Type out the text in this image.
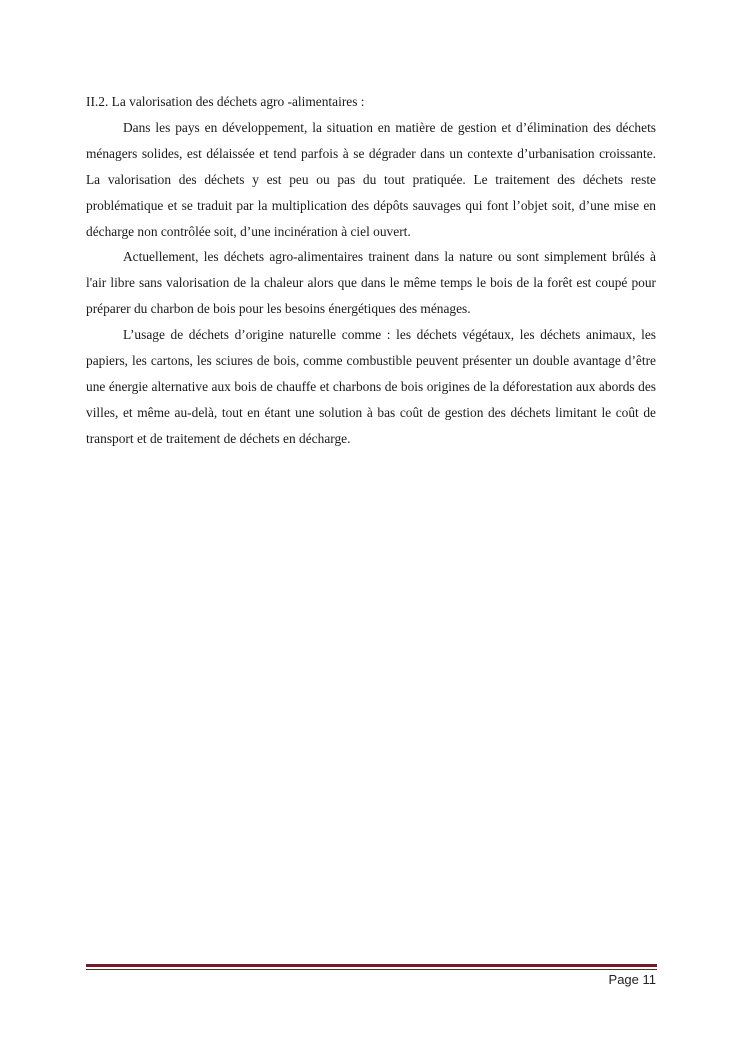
II.2. La valorisation des déchets agro -alimentaires :

Dans les pays en développement, la situation en matière de gestion et d’élimination des déchets ménagers solides, est délaissée et tend parfois à se dégrader dans un contexte d’urbanisation croissante. La valorisation des déchets y est peu ou pas du tout pratiquée. Le traitement des déchets reste problématique et se traduit par la multiplication des dépôts sauvages qui font l’objet soit, d’une mise en décharge non contrôlée soit, d’une incinération à ciel ouvert.

Actuellement, les déchets agro-alimentaires trainent dans la nature ou sont simplement brûlés à l'air libre sans valorisation de la chaleur alors que dans le même temps le bois de la forêt est coupé pour préparer du charbon de bois pour les besoins énergétiques des ménages.

L’usage de déchets d’origine naturelle comme : les déchets végétaux, les déchets animaux, les papiers, les cartons, les sciures de bois, comme combustible peuvent présenter un double avantage d’être une énergie alternative aux bois de chauffe et charbons de bois origines de la déforestation aux abords des villes, et même au-delà, tout en étant une solution à bas coût de gestion des déchets limitant le coût de transport et de traitement de déchets en décharge.

Page 11
